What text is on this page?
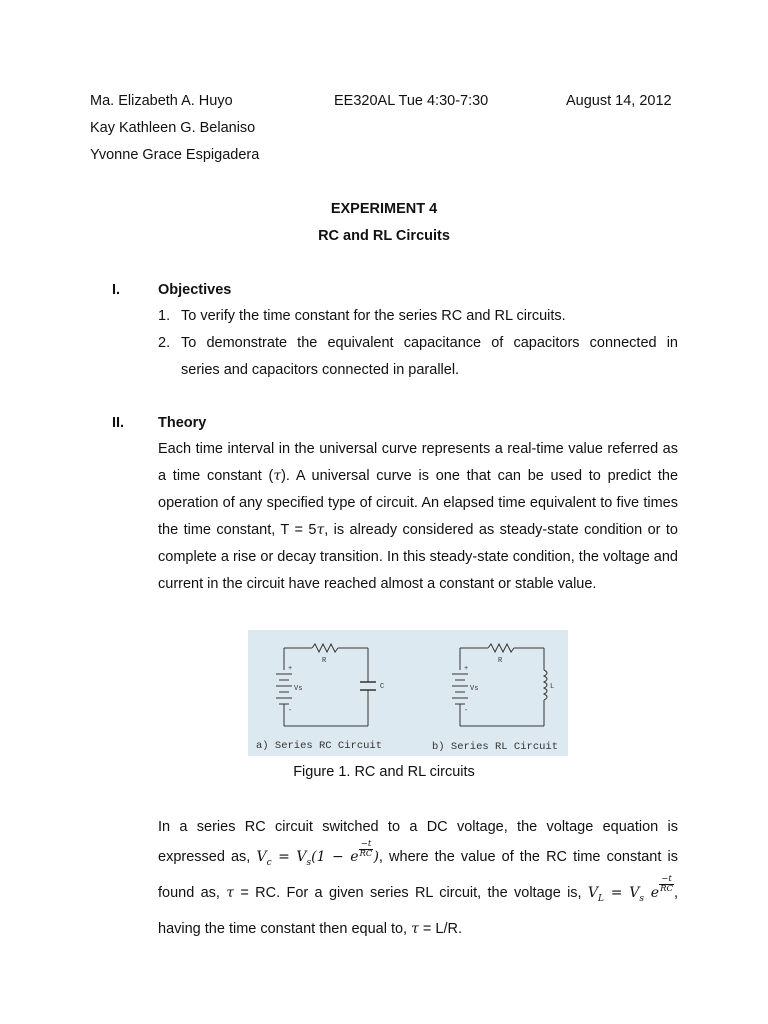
Ma. Elizabeth A. Huyo	EE320AL Tue 4:30-7:30	August 14, 2012
Kay Kathleen G. Belaniso
Yvonne Grace Espigadera
EXPERIMENT 4
RC and RL Circuits
I.	Objectives
1. To verify the time constant for the series RC and RL circuits.
2. To demonstrate the equivalent capacitance of capacitors connected in
series and capacitors connected in parallel.
II. Theory

Each time interval in the universal curve represents a real-time value referred as a time constant (τ). A universal curve is one that can be used to predict the operation of any specified type of circuit. An elapsed time equivalent to five times the time constant, T = 5τ, is already considered as steady-state condition or to complete a rise or decay transition. In this steady-state condition, the voltage and current in the circuit have reached almost a constant or stable value.

R
C
Vs
+
-
R
L
Vs
+
-
a) Series RC Circuit	b) Series RL Circuit
Figure 1. RC and RL circuits

In a series RC circuit switched to a DC voltage, the voltage equation is expressed as, $V_c = V_s(1 - e \frac{-t}{RC}$ ), where the value of the RC time constant is found as, τ = RC. For a given series RL circuit, the voltage is, $V_L = V_s$ e $\frac{-t}{RC}$ , having the time constant then equal to, τ = L/R.
